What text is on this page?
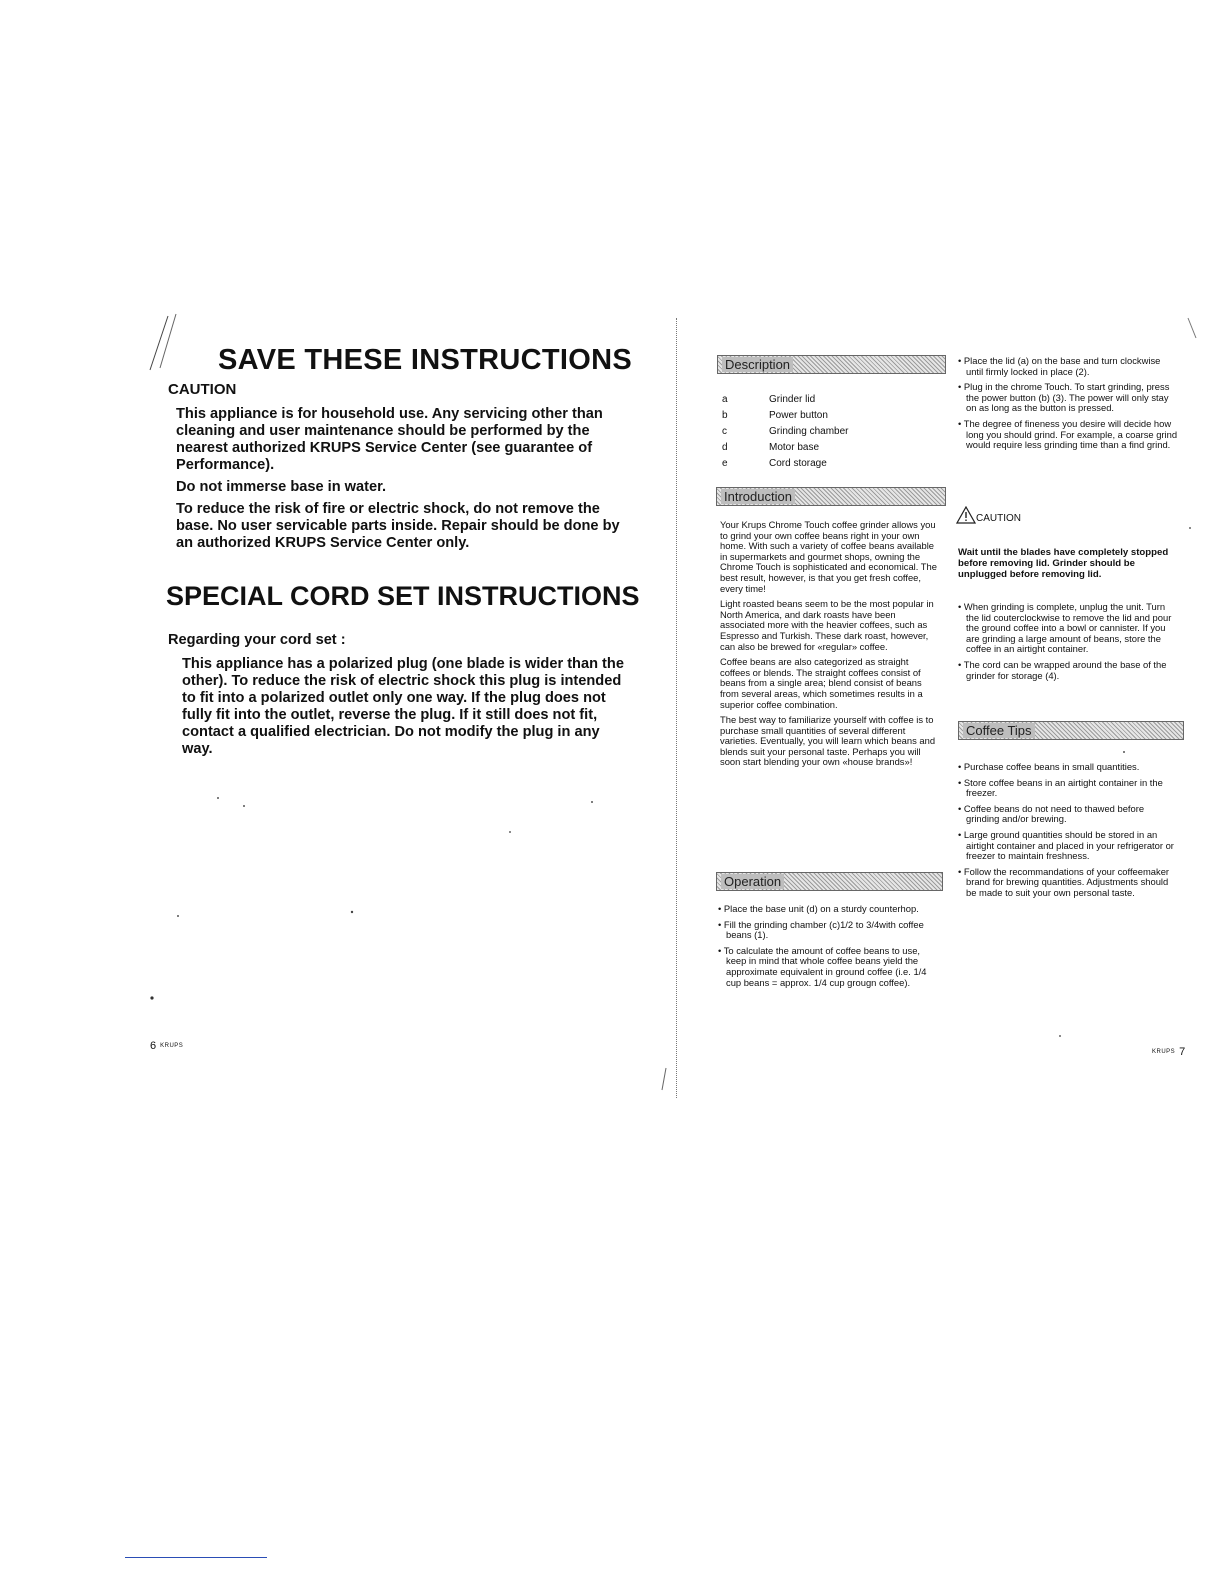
SAVE THESE INSTRUCTIONS
CAUTION

This appliance is for household use. Any servicing other than cleaning and user maintenance should be performed by the nearest authorized KRUPS Service Center (see guarantee of Performance).

Do not immerse base in water.

To reduce the risk of fire or electric shock, do not remove the base. No user servicable parts inside. Repair should be done by an authorized KRUPS Service Center only.

SPECIAL CORD SET INSTRUCTIONS
Regarding your cord set :

This appliance has a polarized plug (one blade is wider than the other). To reduce the risk of electric shock this plug is intended to fit into a polarized outlet only one way. If the plug does not fully fit into the outlet, reverse the plug. If it still does not fit, contact a qualified electrician. Do not modify the plug in any way.

6 KRUPS
Description
a	Grinder lid
b	Power button
c	Grinding chamber
d	Motor base
e	Cord storage
Introduction

Your Krups Chrome Touch coffee grinder allows you to grind your own coffee beans right in your own home. With such a variety of coffee beans available in supermarkets and gourmet shops, owning the Chrome Touch is sophisticated and economical. The best result, however, is that you get fresh coffee, every time!

Light roasted beans seem to be the most popular in North America, and dark roasts have been associated more with the heavier coffees, such as Espresso and Turkish. These dark roast, however, can also be brewed for «regular» coffee.

Coffee beans are also categorized as straight coffees or blends. The straight coffees consist of beans from a single area; blend consist of beans from several areas, which sometimes results in a superior coffee combination.

The best way to familiarize yourself with coffee is to purchase small quantities of several different varieties. Eventually, you will learn which beans and blends suit your personal taste. Perhaps you will soon start blending your own «house brands»!

Operation

• Place the base unit (d) on a sturdy counterhop.

• Fill the grinding chamber (c)1/2 to 3/4with coffee beans (1).

• To calculate the amount of coffee beans to use, keep in mind that whole coffee beans yield the approximate equivalent in ground coffee (i.e. 1/4 cup beans = approx. 1/4 cup grougn coffee).

• Place the lid (a) on the base and turn clockwise until firmly locked in place (2).

• Plug in the chrome Touch. To start grinding, press the power button (b) (3). The power will only stay on as long as the button is pressed.

• The degree of fineness you desire will decide how long you should grind. For example, a coarse grind would require less grinding time than a find grind.

CAUTION
Wait until the blades have completely stopped before removing lid. Grinder should be unplugged before removing lid.

• When grinding is complete, unplug the unit. Turn the lid couterclockwise to remove the lid and pour the ground coffee into a bowl or cannister. If you are grinding a large amount of beans, store the coffee in an airtight container.

• The cord can be wrapped around the base of the grinder for storage (4).

Coffee Tips

• Purchase coffee beans in small quantities.

• Store coffee beans in an airtight container in the freezer.

• Coffee beans do not need to thawed before grinding and/or brewing.

• Large ground quantities should be stored in an airtight container and placed in your refrigerator or freezer to maintain freshness.

• Follow the recommandations of your coffeemaker brand for brewing quantities. Adjustments should be made to suit your own personal taste.

KRUPS 7
